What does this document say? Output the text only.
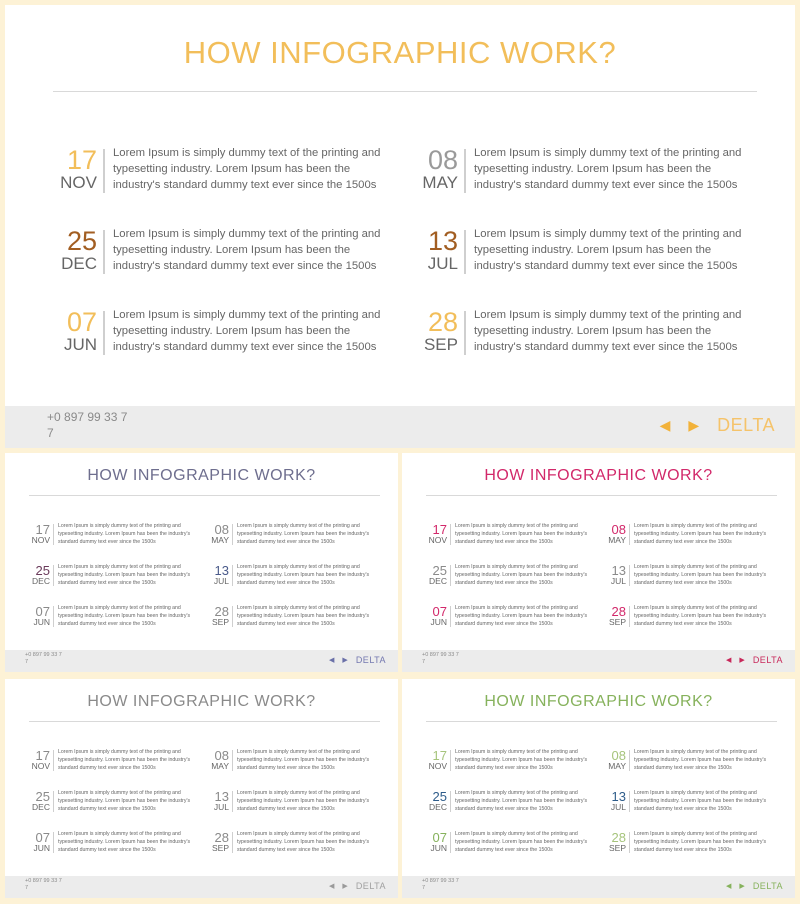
HOW INFOGRAPHIC WORK?
17
NOV
Lorem Ipsum is simply dummy text of the printing and typesetting industry. Lorem Ipsum has been the industry's standard dummy text ever since the 1500s
08
MAY
Lorem Ipsum is simply dummy text of the printing and typesetting industry. Lorem Ipsum has been the industry's standard dummy text ever since the 1500s
25
DEC
Lorem Ipsum is simply dummy text of the printing and typesetting industry. Lorem Ipsum has been the industry's standard dummy text ever since the 1500s
13
JUL
Lorem Ipsum is simply dummy text of the printing and typesetting industry. Lorem Ipsum has been the industry's standard dummy text ever since the 1500s
07
JUN
Lorem Ipsum is simply dummy text of the printing and typesetting industry. Lorem Ipsum has been the industry's standard dummy text ever since the 1500s
28
SEP
Lorem Ipsum is simply dummy text of the printing and typesetting industry. Lorem Ipsum has been the industry's standard dummy text ever since the 1500s
+0 897 99 33 7
7	◀ ▶ DELTA
HOW INFOGRAPHIC WORK?
17
NOV
Lorem Ipsum is simply dummy text of the printing and typesetting industry. Lorem Ipsum has been the industry's standard dummy text ever since the 1500s
08
MAY
Lorem Ipsum is simply dummy text of the printing and typesetting industry. Lorem Ipsum has been the industry's standard dummy text ever since the 1500s
25
DEC
Lorem Ipsum is simply dummy text of the printing and typesetting industry. Lorem Ipsum has been the industry's standard dummy text ever since the 1500s
13
JUL
Lorem Ipsum is simply dummy text of the printing and typesetting industry. Lorem Ipsum has been the industry's standard dummy text ever since the 1500s
07
JUN
Lorem Ipsum is simply dummy text of the printing and typesetting industry. Lorem Ipsum has been the industry's standard dummy text ever since the 1500s
28
SEP
Lorem Ipsum is simply dummy text of the printing and typesetting industry. Lorem Ipsum has been the industry's standard dummy text ever since the 1500s
+0 897 99 33 7
7	◀ ▶ DELTA
HOW INFOGRAPHIC WORK?
17
NOV
Lorem Ipsum is simply dummy text of the printing and typesetting industry. Lorem Ipsum has been the industry's standard dummy text ever since the 1500s
08
MAY
Lorem Ipsum is simply dummy text of the printing and typesetting industry. Lorem Ipsum has been the industry's standard dummy text ever since the 1500s
25
DEC
Lorem Ipsum is simply dummy text of the printing and typesetting industry. Lorem Ipsum has been the industry's standard dummy text ever since the 1500s
13
JUL
Lorem Ipsum is simply dummy text of the printing and typesetting industry. Lorem Ipsum has been the industry's standard dummy text ever since the 1500s
07
JUN
Lorem Ipsum is simply dummy text of the printing and typesetting industry. Lorem Ipsum has been the industry's standard dummy text ever since the 1500s
28
SEP
Lorem Ipsum is simply dummy text of the printing and typesetting industry. Lorem Ipsum has been the industry's standard dummy text ever since the 1500s
+0 897 99 33 7
7	◀ ▶ DELTA
HOW INFOGRAPHIC WORK?
17
NOV
Lorem Ipsum is simply dummy text of the printing and typesetting industry. Lorem Ipsum has been the industry's standard dummy text ever since the 1500s
08
MAY
Lorem Ipsum is simply dummy text of the printing and typesetting industry. Lorem Ipsum has been the industry's standard dummy text ever since the 1500s
25
DEC
Lorem Ipsum is simply dummy text of the printing and typesetting industry. Lorem Ipsum has been the industry's standard dummy text ever since the 1500s
13
JUL
Lorem Ipsum is simply dummy text of the printing and typesetting industry. Lorem Ipsum has been the industry's standard dummy text ever since the 1500s
07
JUN
Lorem Ipsum is simply dummy text of the printing and typesetting industry. Lorem Ipsum has been the industry's standard dummy text ever since the 1500s
28
SEP
Lorem Ipsum is simply dummy text of the printing and typesetting industry. Lorem Ipsum has been the industry's standard dummy text ever since the 1500s
+0 897 99 33 7
7	◀ ▶ DELTA
HOW INFOGRAPHIC WORK?
17
NOV
Lorem Ipsum is simply dummy text of the printing and typesetting industry. Lorem Ipsum has been the industry's standard dummy text ever since the 1500s
08
MAY
Lorem Ipsum is simply dummy text of the printing and typesetting industry. Lorem Ipsum has been the industry's standard dummy text ever since the 1500s
25
DEC
Lorem Ipsum is simply dummy text of the printing and typesetting industry. Lorem Ipsum has been the industry's standard dummy text ever since the 1500s
13
JUL
Lorem Ipsum is simply dummy text of the printing and typesetting industry. Lorem Ipsum has been the industry's standard dummy text ever since the 1500s
07
JUN
Lorem Ipsum is simply dummy text of the printing and typesetting industry. Lorem Ipsum has been the industry's standard dummy text ever since the 1500s
28
SEP
Lorem Ipsum is simply dummy text of the printing and typesetting industry. Lorem Ipsum has been the industry's standard dummy text ever since the 1500s
+0 897 99 33 7
7	◀ ▶ DELTA
